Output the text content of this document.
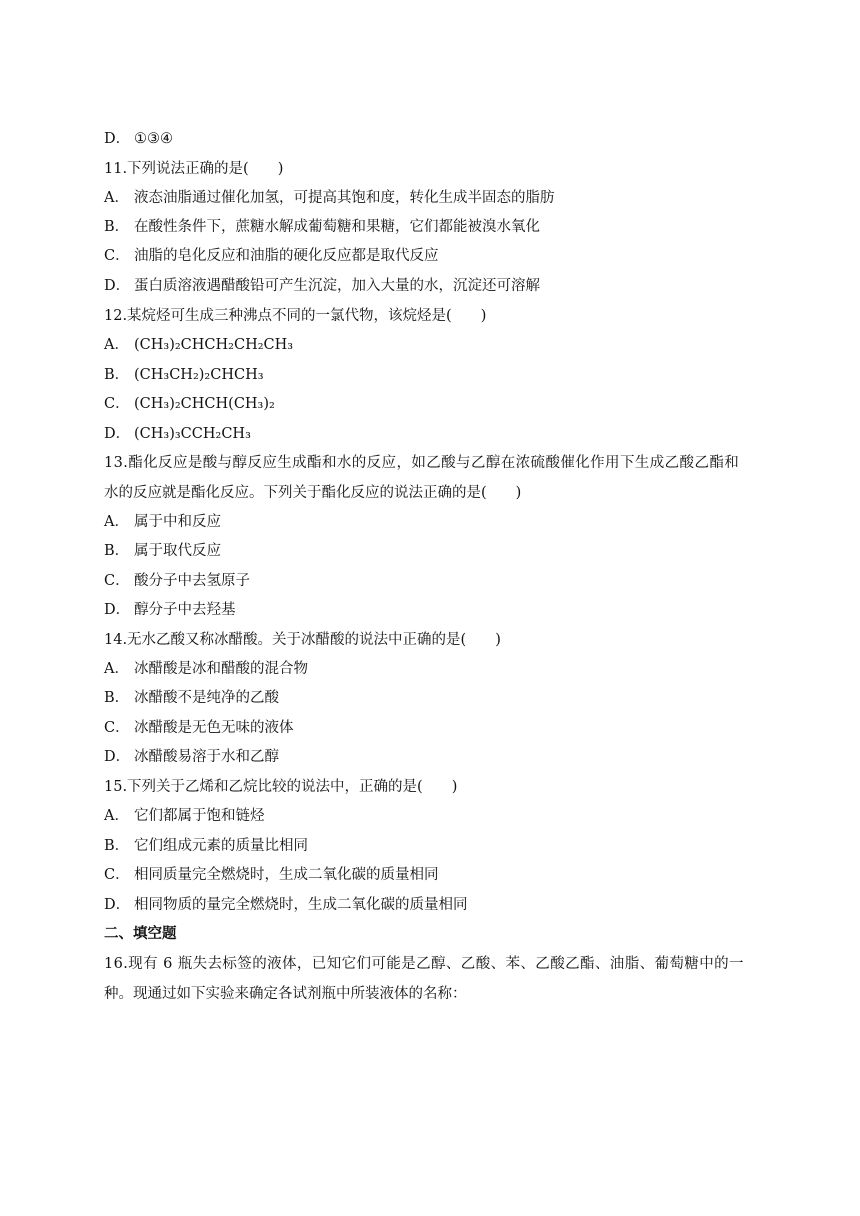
D． ①③④
11.下列说法正确的是(　　)
A． 液态油脂通过催化加氢，可提高其饱和度，转化生成半固态的脂肪
B． 在酸性条件下，蔗糖水解成葡萄糖和果糖，它们都能被溴水氧化
C． 油脂的皂化反应和油脂的硬化反应都是取代反应
D． 蛋白质溶液遇醋酸铅可产生沉淀，加入大量的水，沉淀还可溶解
12.某烷烃可生成三种沸点不同的一氯代物，该烷烃是(　　)
A． (CH₃)₂CHCH₂CH₂CH₃
B． (CH₃CH₂)₂CHCH₃
C． (CH₃)₂CHCH(CH₃)₂
D． (CH₃)₃CCH₂CH₃
13.酯化反应是酸与醇反应生成酯和水的反应，如乙酸与乙醇在浓硫酸催化作用下生成乙酸乙酯和
水的反应就是酯化反应。下列关于酯化反应的说法正确的是(　　)
A． 属于中和反应
B． 属于取代反应
C． 酸分子中去氢原子
D． 醇分子中去羟基
14.无水乙酸又称冰醋酸。关于冰醋酸的说法中正确的是(　　)
A． 冰醋酸是冰和醋酸的混合物
B． 冰醋酸不是纯净的乙酸
C． 冰醋酸是无色无味的液体
D． 冰醋酸易溶于水和乙醇
15.下列关于乙烯和乙烷比较的说法中，正确的是(　　)
A． 它们都属于饱和链烃
B． 它们组成元素的质量比相同
C． 相同质量完全燃烧时，生成二氧化碳的质量相同
D． 相同物质的量完全燃烧时，生成二氧化碳的质量相同
二、填空题
16.现有 6 瓶失去标签的液体，已知它们可能是乙醇、乙酸、苯、乙酸乙酯、油脂、葡萄糖中的一
种。现通过如下实验来确定各试剂瓶中所装液体的名称：
